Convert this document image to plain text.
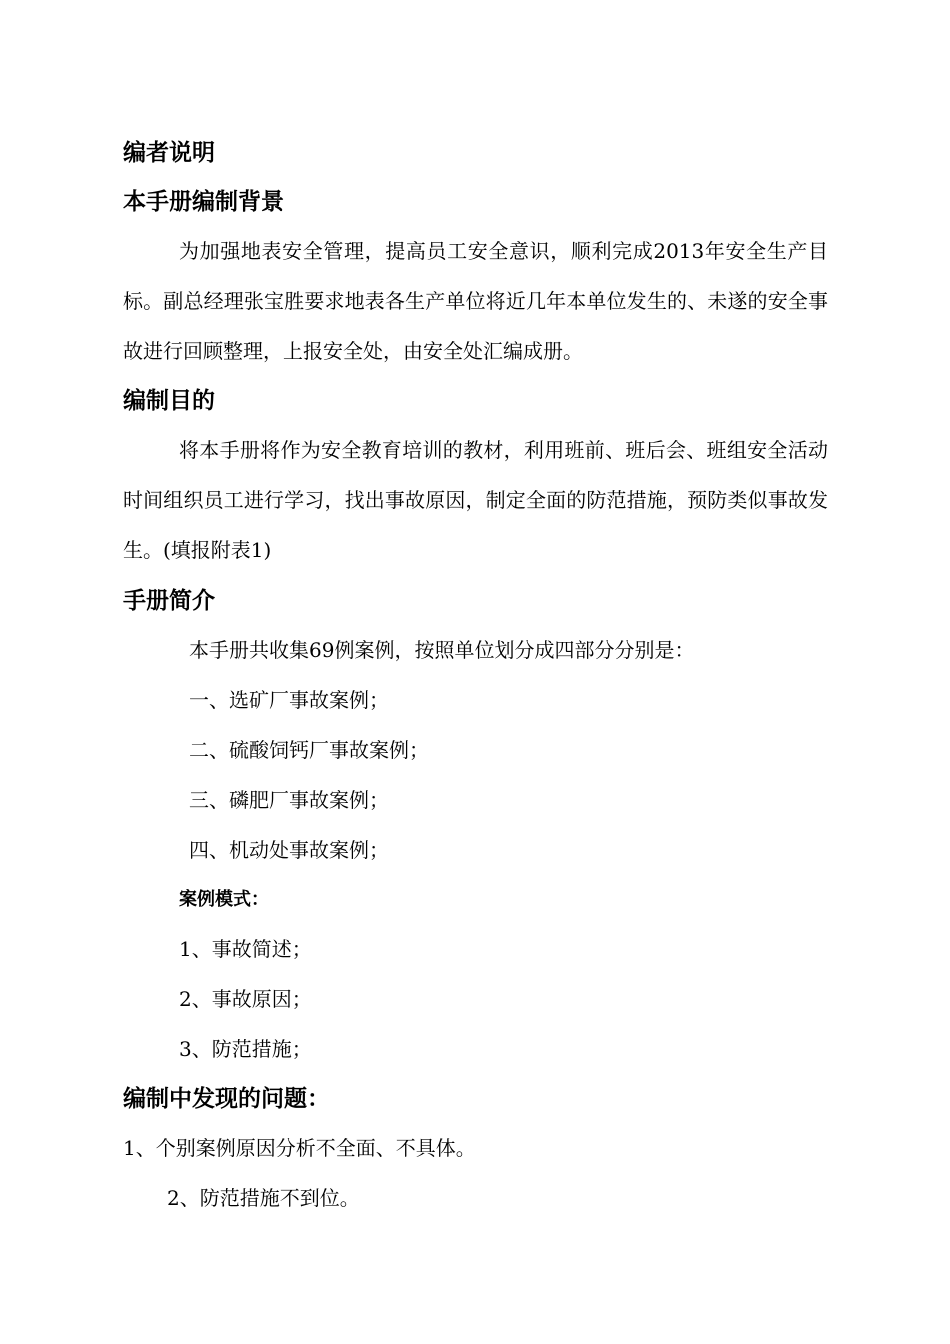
编者说明
本手册编制背景

为加强地表安全管理，提高员工安全意识，顺利完成2013年安全生产目标。副总经理张宝胜要求地表各生产单位将近几年本单位发生的、未遂的安全事故进行回顾整理，上报安全处，由安全处汇编成册。

编制目的

将本手册将作为安全教育培训的教材，利用班前、班后会、班组安全活动时间组织员工进行学习，找出事故原因，制定全面的防范措施，预防类似事故发生。(填报附表1)

手册简介

本手册共收集69例案例，按照单位划分成四部分分别是：

一、选矿厂事故案例；

二、硫酸饲钙厂事故案例；

三、磷肥厂事故案例；

四、机动处事故案例；

案例模式：

1、事故简述；

2、事故原因；

3、防范措施；

编制中发现的问题：

1、个别案例原因分析不全面、不具体。

2、防范措施不到位。
